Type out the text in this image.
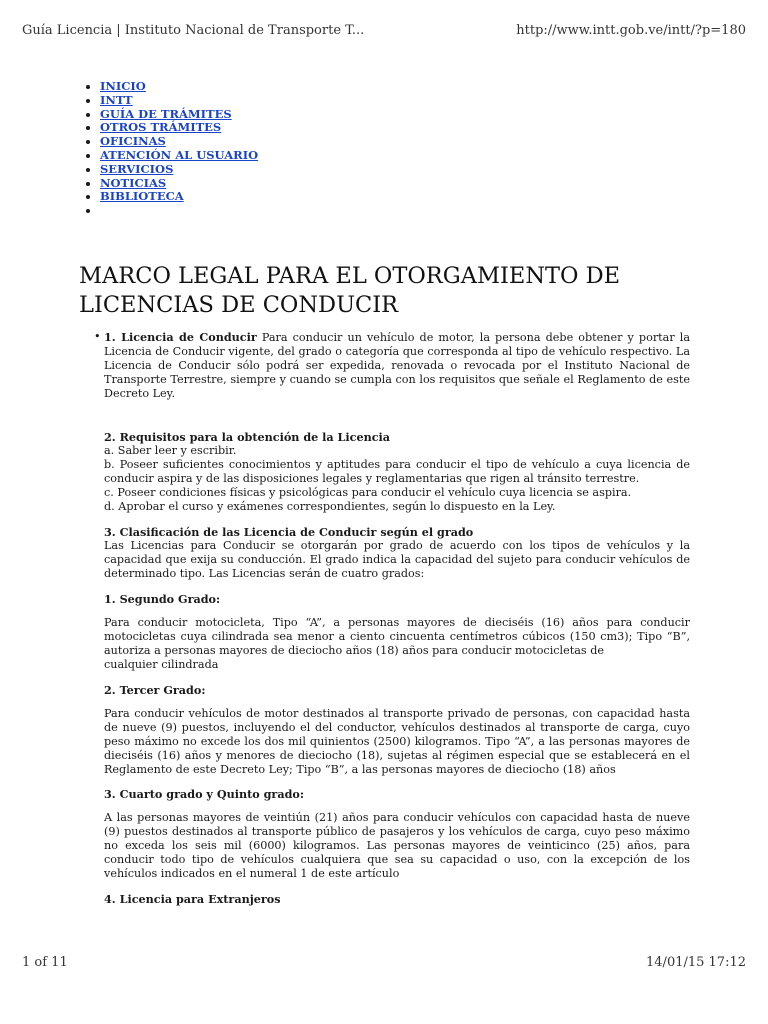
Guía Licencia | Instituto Nacional de Transporte T...	http://www.intt.gob.ve/intt/?p=180
• INICIO
• INTT
• GUÍA DE TRÁMITES
• OTROS TRÁMITES
• OFICINAS
• ATENCIÓN AL USUARIO
• SERVICIOS
• NOTICIAS
• BIBLIOTECA
•
MARCO LEGAL PARA EL OTORGAMIENTO DE LICENCIAS DE CONDUCIR
• 1. Licencia de Conducir Para conducir un vehículo de motor, la persona debe obtener y portar la Licencia de Conducir vigente, del grado o categoría que corresponda al tipo de vehículo respectivo. La Licencia de Conducir sólo podrá ser expedida, renovada o revocada por el Instituto Nacional de Transporte Terrestre, siempre y cuando se cumpla con los requisitos que señale el Reglamento de este Decreto Ley.

2. Requisitos para la obtención de la Licencia

a. Saber leer y escribir.

b. Poseer suficientes conocimientos y aptitudes para conducir el tipo de vehículo a cuya licencia de conducir aspira y de las disposiciones legales y reglamentarias que rigen al tránsito terrestre.

c. Poseer condiciones físicas y psicológicas para conducir el vehículo cuya licencia se aspira.

d. Aprobar el curso y exámenes correspondientes, según lo dispuesto en la Ley.

3. Clasificación de las Licencia de Conducir según el grado

Las Licencias para Conducir se otorgarán por grado de acuerdo con los tipos de vehículos y la capacidad que exija su conducción. El grado indica la capacidad del sujeto para conducir vehículos de determinado tipo. Las Licencias serán de cuatro grados:

1. Segundo Grado:

Para conducir motocicleta, Tipo “A”, a personas mayores de dieciséis (16) años para conducir motocicletas cuya cilindrada sea menor a ciento cincuenta centímetros cúbicos (150 cm3); Tipo “B”, autoriza a personas mayores de dieciocho años (18) años para conducir motocicletas de

cualquier cilindrada

2. Tercer Grado:

Para conducir vehículos de motor destinados al transporte privado de personas, con capacidad hasta de nueve (9) puestos, incluyendo el del conductor, vehículos destinados al transporte de carga, cuyo peso máximo no excede los dos mil quinientos (2500) kilogramos. Tipo “A”, a las personas mayores de dieciséis (16) años y menores de dieciocho (18), sujetas al régimen especial que se establecerá en el Reglamento de este Decreto Ley; Tipo “B”, a las personas mayores de dieciocho (18) años

3. Cuarto grado y Quinto grado:

A las personas mayores de veintiún (21) años para conducir vehículos con capacidad hasta de nueve (9) puestos destinados al transporte público de pasajeros y los vehículos de carga, cuyo peso máximo no exceda los seis mil (6000) kilogramos. Las personas mayores de veinticinco (25) años, para conducir todo tipo de vehículos cualquiera que sea su capacidad o uso, con la excepción de los vehículos indicados en el numeral 1 de este artículo

4. Licencia para Extranjeros

1 of 11	14/01/15 17:12
